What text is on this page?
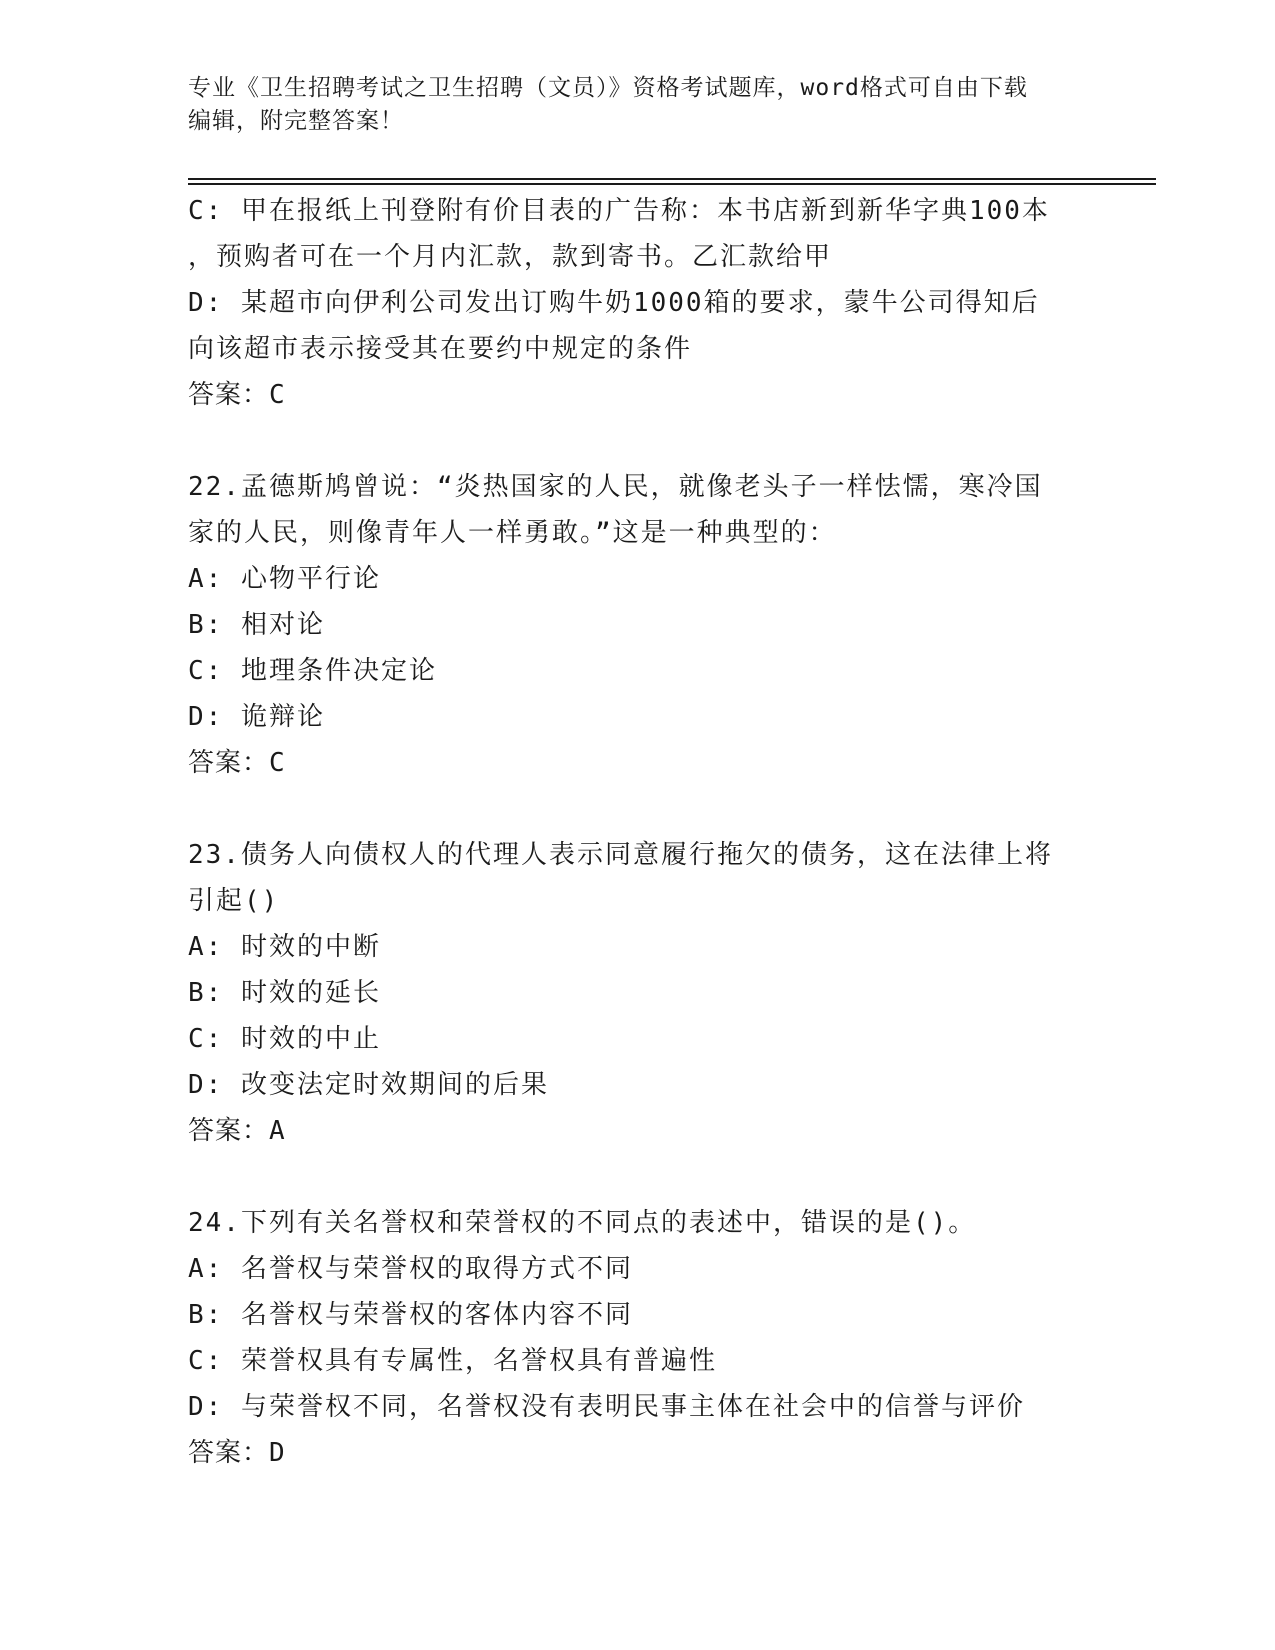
专业《卫生招聘考试之卫生招聘（文员）》资格考试题库，word格式可自由下载
编辑，附完整答案！
C: 甲在报纸上刊登附有价目表的广告称：本书店新到新华字典100本
，预购者可在一个月内汇款，款到寄书。乙汇款给甲
D: 某超市向伊利公司发出订购牛奶1000箱的要求，蒙牛公司得知后
向该超市表示接受其在要约中规定的条件
答案：C
22.孟德斯鸠曾说：“炎热国家的人民，就像老头子一样怯懦，寒冷国
家的人民，则像青年人一样勇敢。”这是一种典型的：
A: 心物平行论
B: 相对论
C: 地理条件决定论
D: 诡辩论
答案：C
23.债务人向债权人的代理人表示同意履行拖欠的债务，这在法律上将
引起()
A: 时效的中断
B: 时效的延长
C: 时效的中止
D: 改变法定时效期间的后果
答案：A
24.下列有关名誉权和荣誉权的不同点的表述中，错误的是()。
A: 名誉权与荣誉权的取得方式不同
B: 名誉权与荣誉权的客体内容不同
C: 荣誉权具有专属性，名誉权具有普遍性
D: 与荣誉权不同，名誉权没有表明民事主体在社会中的信誉与评价
答案：D
